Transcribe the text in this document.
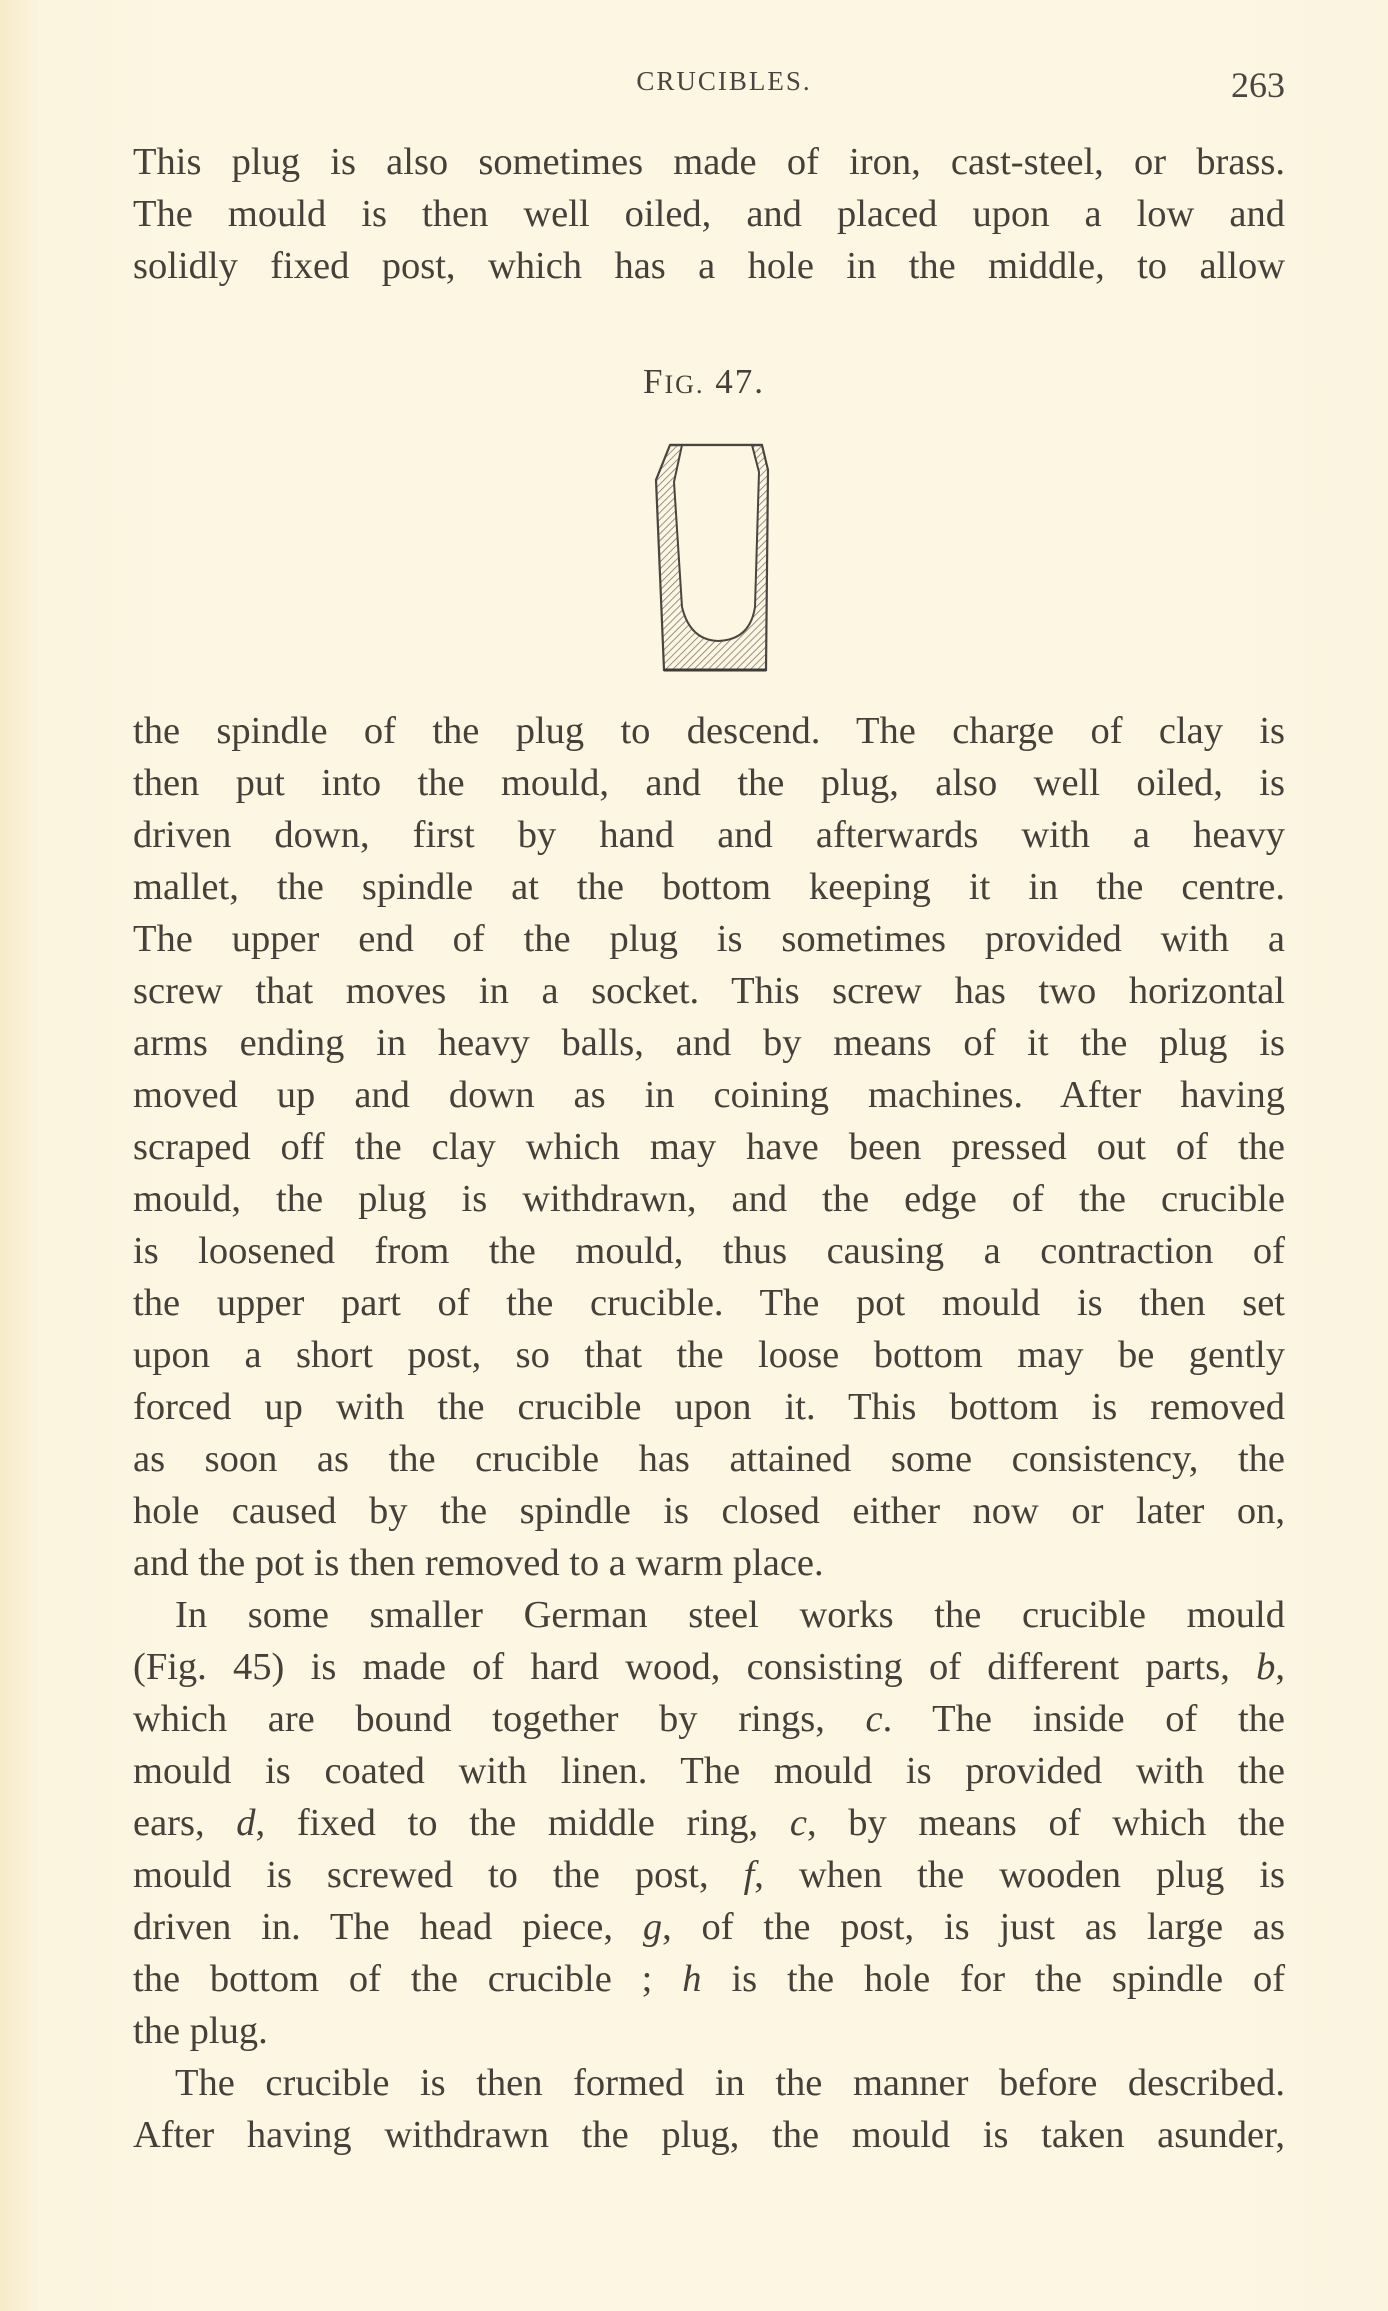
CRUCIBLES.	263
This plug is also sometimes made of iron, cast-steel, or brass.
The mould is then well oiled, and placed upon a low and
solidly fixed post, which has a hole in the middle, to allow
FIG. 47.
the spindle of the plug to descend. The charge of clay is
then put into the mould, and the plug, also well oiled, is
driven down, first by hand and afterwards with a heavy
mallet, the spindle at the bottom keeping it in the centre.
The upper end of the plug is sometimes provided with a
screw that moves in a socket. This screw has two horizontal
arms ending in heavy balls, and by means of it the plug is
moved up and down as in coining machines. After having
scraped off the clay which may have been pressed out of the
mould, the plug is withdrawn, and the edge of the crucible
is loosened from the mould, thus causing a contraction of
the upper part of the crucible. The pot mould is then set
upon a short post, so that the loose bottom may be gently
forced up with the crucible upon it. This bottom is removed
as soon as the crucible has attained some consistency, the
hole caused by the spindle is closed either now or later on,
and the pot is then removed to a warm place.
In some smaller German steel works the crucible mould
(Fig. 45) is made of hard wood, consisting of different parts, b,
which are bound together by rings, c. The inside of the
mould is coated with linen. The mould is provided with the
ears, d, fixed to the middle ring, c, by means of which the
mould is screwed to the post, f, when the wooden plug is
driven in. The head piece, g, of the post, is just as large as
the bottom of the crucible ; h is the hole for the spindle of
the plug.
The crucible is then formed in the manner before described.
After having withdrawn the plug, the mould is taken asunder,
